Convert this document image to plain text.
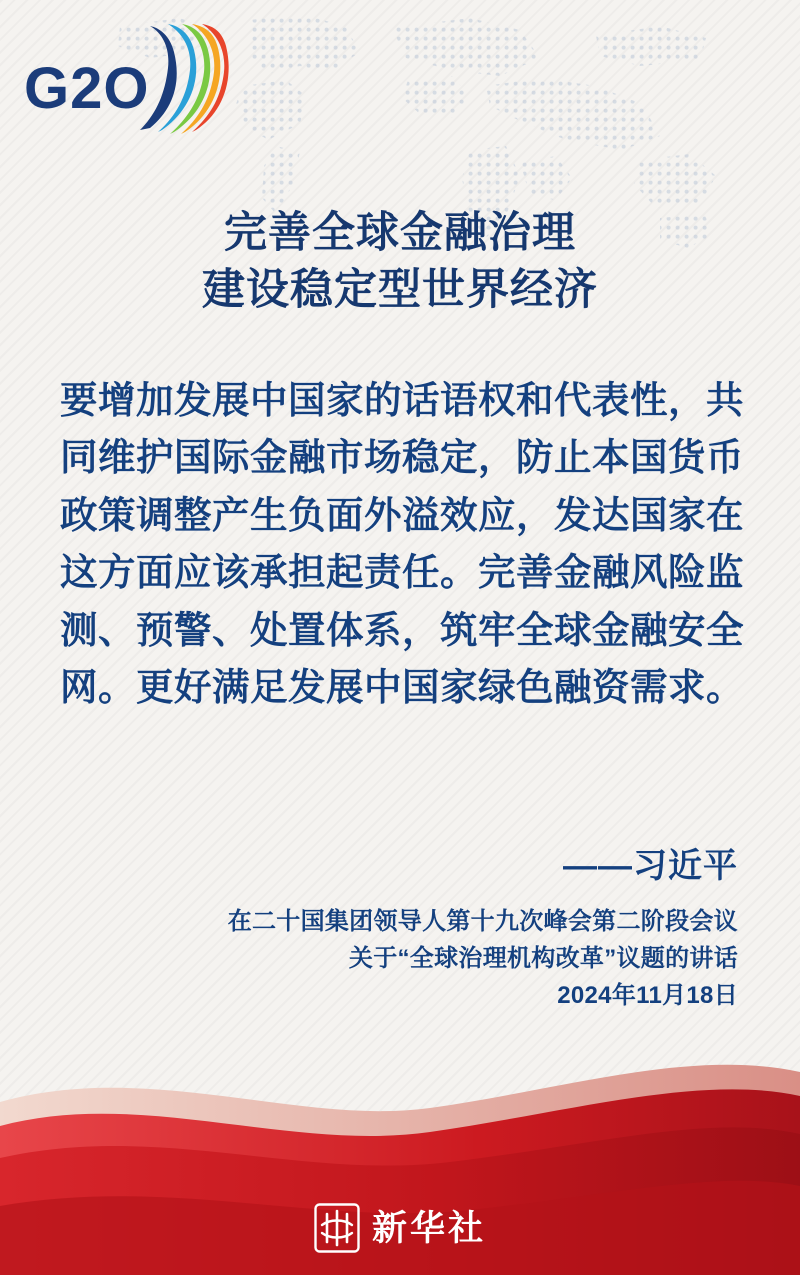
G2O
完善全球金融治理
建设稳定型世界经济
要增加发展中国家的话语权和代表性，共同维护国际金融市场稳定，防止本国货币政策调整产生负面外溢效应，发达国家在这方面应该承担起责任。完善金融风险监测、预警、处置体系，筑牢全球金融安全网。更好满足发展中国家绿色融资需求。
——习近平
在二十国集团领导人第十九次峰会第二阶段会议
关于“全球治理机构改革”议题的讲话
2024年11月18日
新华社
